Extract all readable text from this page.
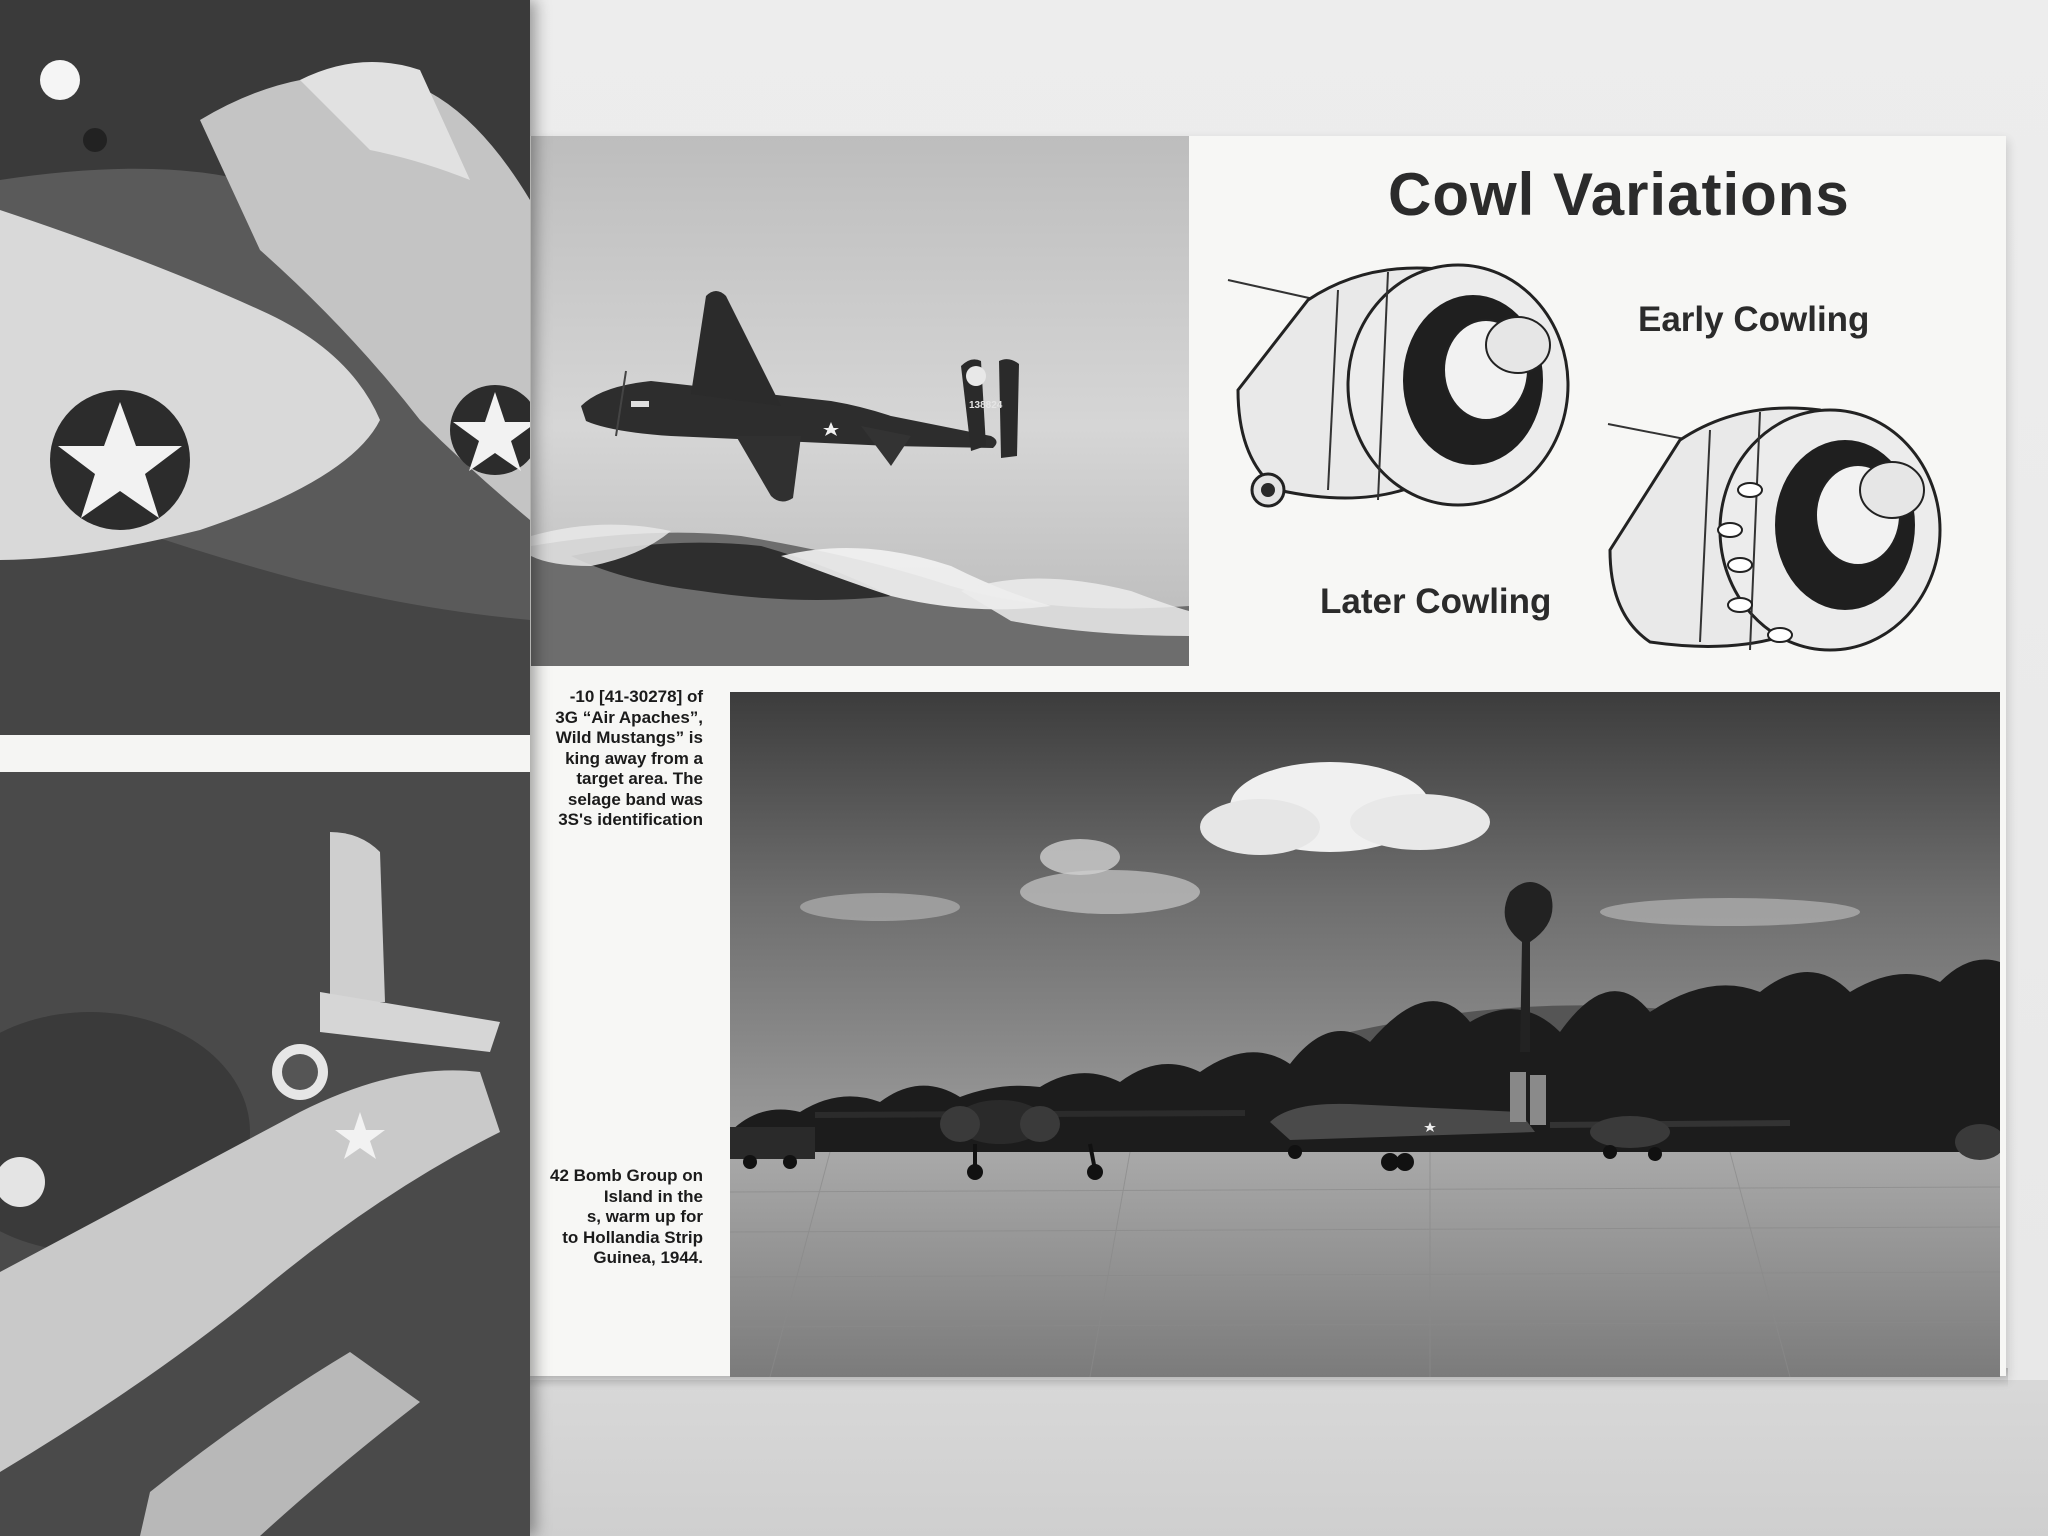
138824
Cowl Variations
Early Cowling
Later Cowling
-10 [41-30278] of
3G “Air Apaches”,
Wild Mustangs” is
king away from a
target area. The
selage band was
3S's identification
42 Bomb Group on
Island in the
s, warm up for
to Hollandia Strip
Guinea, 1944.
